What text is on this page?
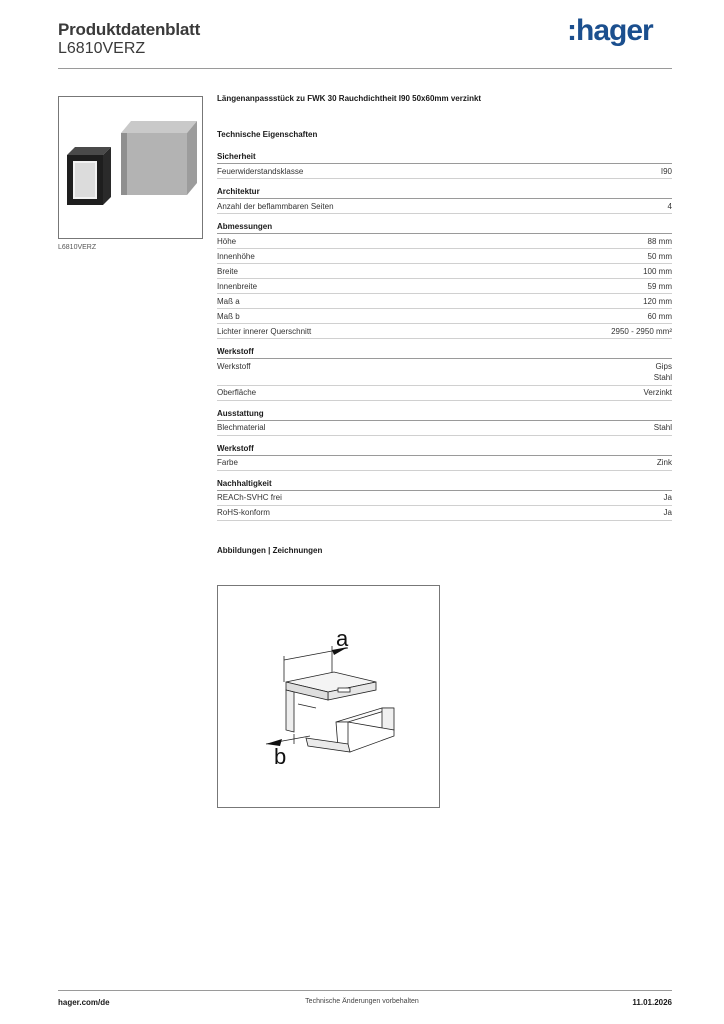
Produktdatenblatt
L6810VERZ
:hager
L6810VERZ
Längenanpassstück zu FWK 30 Rauchdichtheit I90 50x60mm verzinkt
Technische Eigenschaften
Sicherheit
Feuerwiderstandsklasse	I90
Architektur
Anzahl der beflammbaren Seiten	4
Abmessungen
Höhe	88 mm
Innenhöhe	50 mm
Breite	100 mm
Innenbreite	59 mm
Maß a	120 mm
Maß b	60 mm
Lichter innerer Querschnitt	2950 - 2950 mm²
Werkstoff
Werkstoff	Gips
Stahl
Oberfläche	Verzinkt
Ausstattung
Blechmaterial	Stahl
Werkstoff
Farbe	Zink
Nachhaltigkeit
REACh-SVHC frei	Ja
RoHS-konform	Ja
Abbildungen | Zeichnungen
a
b
hager.com/de	Technische Änderungen vorbehalten	11.01.2026
